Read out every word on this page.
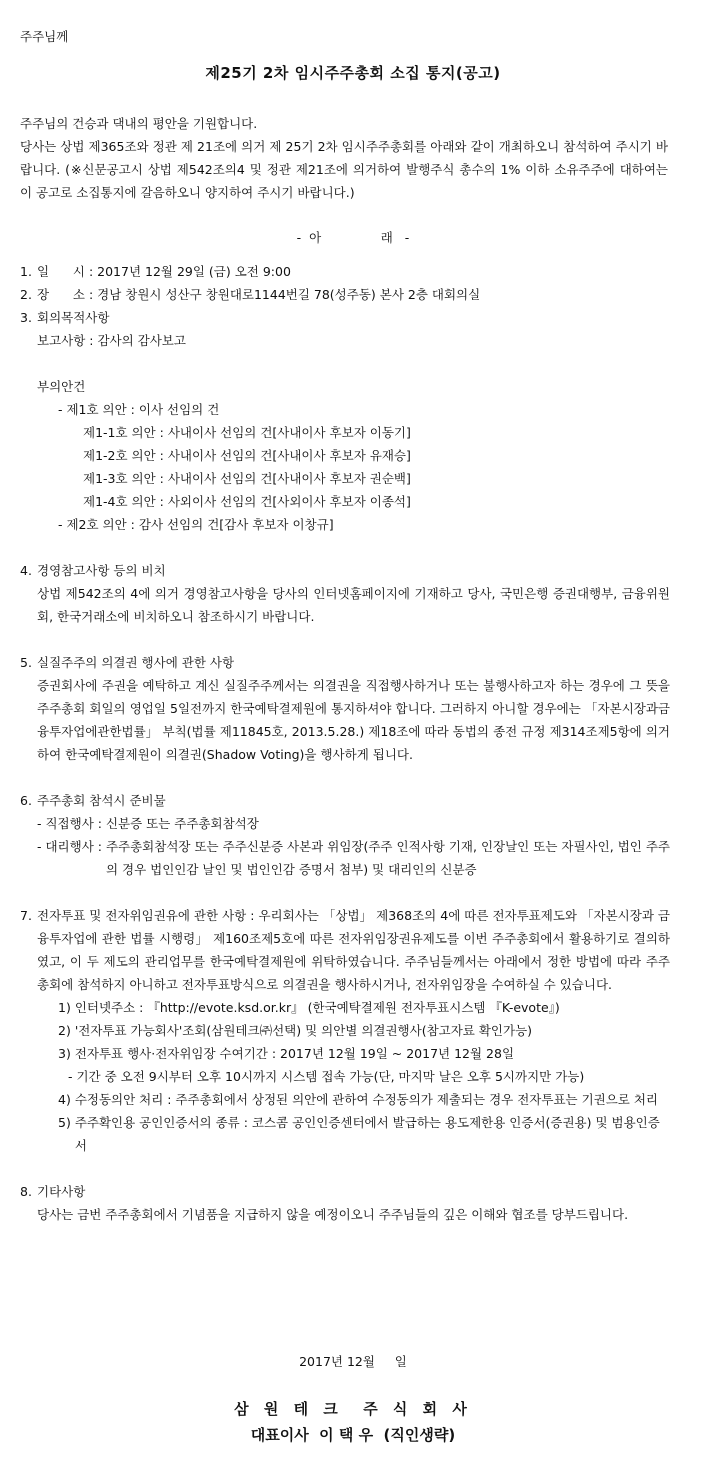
주주님께

제25기 2차 임시주주총회 소집 통지(공고)

주주님의 건승과 댁내의 평안을 기원합니다.

당사는 상법 제365조와 정관 제 21조에 의거 제 25기 2차 임시주주총회를 아래와 같이 개최하오니 참석하여 주시기 바랍니다. (※신문공고시 상법 제542조의4 및 정관 제21조에 의거하여 발행주식 총수의 1% 이하 소유주주에 대하여는 이 공고로 소집통지에 갈음하오니 양지하여 주시기 바랍니다.)

-  아               래   -

1. 일      시 : 2017년 12월 29일 (금) 오전 9:00
2. 장      소 : 경남 창원시 성산구 창원대로1144번길 78(성주동) 본사 2층 대회의실
3. 회의목적사항

보고사항 : 감사의 감사보고

부의안건

- 제1호 의안 : 이사 선임의 건

제1-1호 의안 : 사내이사 선임의 건[사내이사 후보자 이동기]

제1-2호 의안 : 사내이사 선임의 건[사내이사 후보자 유재승]

제1-3호 의안 : 사내이사 선임의 건[사내이사 후보자 권순백]

제1-4호 의안 : 사외이사 선임의 건[사외이사 후보자 이종석]

- 제2호 의안 : 감사 선임의 건[감사 후보자 이창규]

4. 경영참고사항 등의 비치

상법 제542조의 4에 의거 경영참고사항을 당사의 인터넷홈페이지에 기재하고 당사, 국민은행 증권대행부, 금융위원회, 한국거래소에 비치하오니 참조하시기 바랍니다.

5. 실질주주의 의결권 행사에 관한 사항

증권회사에 주권을 예탁하고 계신 실질주주께서는 의결권을 직접행사하거나 또는 불행사하고자 하는 경우에 그 뜻을 주주총회 회일의 영업일 5일전까지 한국예탁결제원에 통지하셔야 합니다. 그러하지 아니할 경우에는 「자본시장과금융투자업에관한법률」 부칙(법률 제11845호, 2013.5.28.) 제18조에 따라 동법의 종전 규정 제314조제5항에 의거하여 한국예탁결제원이 의결권(Shadow Voting)을 행사하게 됩니다.

6. 주주총회 참석시 준비물
- 직접행사 : 신분증 또는 주주총회참석장
- 대리행사 : 주주총회참석장 또는 주주신분증 사본과 위임장(주주 인적사항 기재, 인장날인 또는 자필사인, 법인 주주의 경우 법인인감 날인 및 법인인감 증명서 첨부) 및 대리인의 신분증
7. 전자투표 및 전자위임권유에 관한 사항 : 우리회사는 「상법」 제368조의 4에 따른 전자투표제도와 「자본시장과 금융투자업에 관한 법률 시행령」 제160조제5호에 따른 전자위임장권유제도를 이번 주주총회에서 활용하기로 결의하였고, 이 두 제도의 관리업무를 한국예탁결제원에 위탁하였습니다. 주주님들께서는 아래에서 정한 방법에 따라 주주총회에 참석하지 아니하고 전자투표방식으로 의결권을 행사하시거나, 전자위임장을 수여하실 수 있습니다.
1) 인터넷주소 : 『http://evote.ksd.or.kr』 (한국예탁결제원 전자투표시스템 『K-evote』)
2) '전자투표 가능회사'조회(삼원테크㈜선택) 및 의안별 의결권행사(참고자료 확인가능)
3) 전자투표 행사·전자위임장 수여기간 : 2017년 12월 19일 ~ 2017년 12월 28일
- 기간 중 오전 9시부터 오후 10시까지 시스템 접속 가능(단, 마지막 날은 오후 5시까지만 가능)
4) 수정동의안 처리 : 주주총회에서 상정된 의안에 관하여 수정동의가 제출되는 경우 전자투표는 기권으로 처리
5) 주주확인용 공인인증서의 종류 : 코스콤 공인인증센터에서 발급하는 용도제한용 인증서(증권용) 및 범용인증서
8. 기타사항

당사는 금번 주주총회에서 기념품을 지급하지 않을 예정이오니 주주님들의 깊은 이해와 협조를 당부드립니다.

2017년 12월     일

삼 원 테 크  주 식 회 사

대표이사  이 택 우  (직인생략)
